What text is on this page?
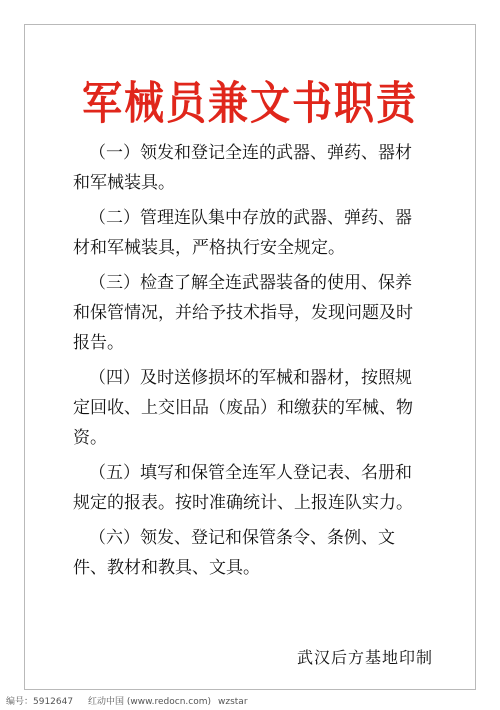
军械员兼文书职责
（一）领发和登记全连的武器、弹药、器材
和军械装具。
（二）管理连队集中存放的武器、弹药、器
材和军械装具，严格执行安全规定。
（三）检查了解全连武器装备的使用、保养
和保管情况，并给予技术指导，发现问题及时
报告。
（四）及时送修损坏的军械和器材，按照规
定回收、上交旧品（废品）和缴获的军械、物
资。
（五）填写和保管全连军人登记表、名册和
规定的报表。按时准确统计、上报连队实力。
（六）领发、登记和保管条令、条例、文
件、教材和教具、文具。
武汉后方基地印制
编号：5912647 红动中国 (www.redocn.com) wzstar
